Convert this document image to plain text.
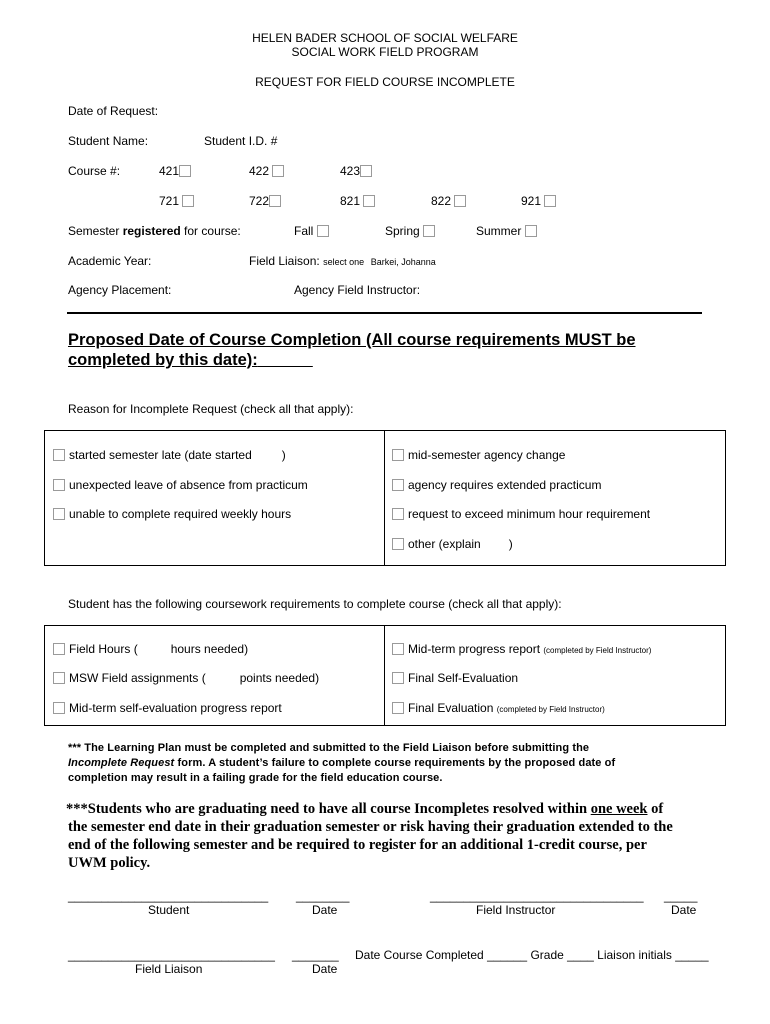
HELEN BADER SCHOOL OF SOCIAL WELFARE
SOCIAL WORK FIELD PROGRAM
REQUEST FOR FIELD COURSE INCOMPLETE
Date of Request:
Student Name:	Student I.D. #
Course #:	421	422	423
721	722	821	822	921
Semester registered for course:	Fall	Spring	Summer
Academic Year:	Field Liaison: select one Barkei, Johanna
Agency Placement:	Agency Field Instructor:
Proposed Date of Course Completion (All course requirements MUST be
completed by this date):
Reason for Incomplete Request (check all that apply):
started semester late (date started	)
unexpected leave of absence from practicum
unable to complete required weekly hours
mid-semester agency change
agency requires extended practicum
request to exceed minimum hour requirement
other (explain )
Student has the following coursework requirements to complete course (check all that apply):
Field Hours (	hours needed)
MSW Field assignments (	points needed)
Mid-term self-evaluation progress report
Mid-term progress report (completed by Field Instructor)
Final Self-Evaluation
Final Evaluation (completed by Field Instructor)
*** The Learning Plan must be completed and submitted to the Field Liaison before submitting the
Incomplete Request form. A student’s failure to complete course requirements by the proposed date of
completion may result in a failing grade for the field education course.
***Students who are graduating need to have all course Incompletes resolved within one week of
the semester end date in their graduation semester or risk having their graduation extended to the
end of the following semester and be required to register for an additional 1-credit course, per
UWM policy.
______________________________ ________	________________________________ _____
Student	Date	Field Instructor	Date
_______________________________ _______ Date Course Completed ______ Grade ____ Liaison initials _____
Field Liaison	Date
